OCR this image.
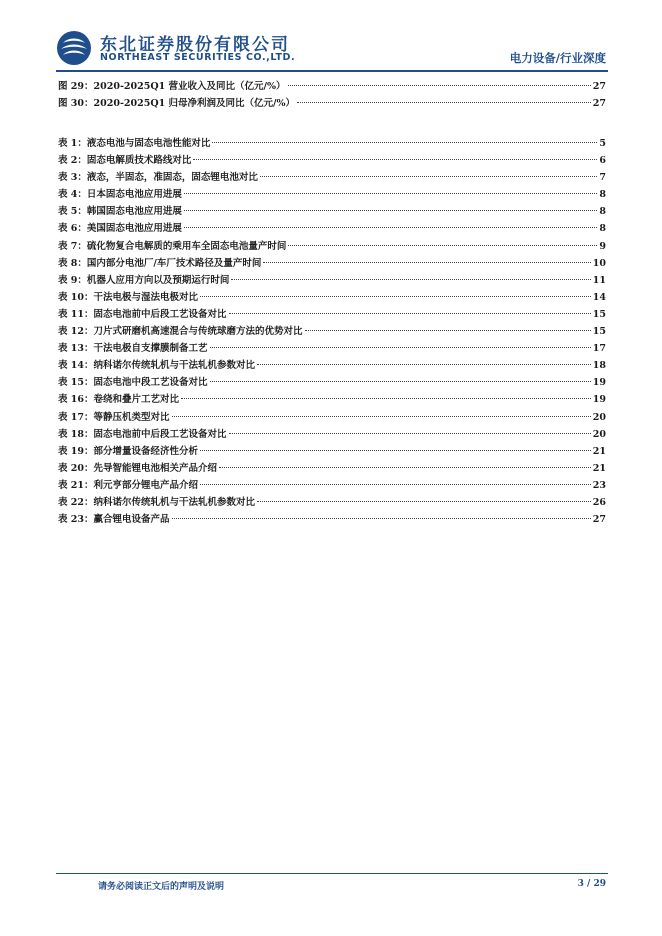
东北证券股份有限公司
NORTHEAST SECURITIES CO.,LTD.	电力设备/行业深度
图 29： 2020-2025Q1 营业收入及同比（亿元/%）	27
图 30： 2020-2025Q1 归母净利润及同比（亿元/%）	27
表 1： 液态电池与固态电池性能对比	5
表 2： 固态电解质技术路线对比	6
表 3： 液态，半固态，准固态，固态锂电池对比	7
表 4： 日本固态电池应用进展	8
表 5： 韩国固态电池应用进展	8
表 6： 美国固态电池应用进展	8
表 7： 硫化物复合电解质的乘用车全固态电池量产时间	9
表 8： 国内部分电池厂/车厂技术路径及量产时间	10
表 9： 机器人应用方向以及预期运行时间	11
表 10： 干法电极与湿法电极对比	14
表 11： 固态电池前中后段工艺设备对比	15
表 12： 刀片式研磨机高速混合与传统球磨方法的优势对比	15
表 13： 干法电极自支撑膜制备工艺	17
表 14： 纳科诺尔传统轧机与干法轧机参数对比	18
表 15： 固态电池中段工艺设备对比	19
表 16： 卷绕和叠片工艺对比	19
表 17： 等静压机类型对比	20
表 18： 固态电池前中后段工艺设备对比	20
表 19： 部分增量设备经济性分析	21
表 20： 先导智能锂电池相关产品介绍	21
表 21： 利元亨部分锂电产品介绍	23
表 22： 纳科诺尔传统轧机与干法轧机参数对比	26
表 23： 赢合锂电设备产品	27
请务必阅读正文后的声明及说明	3 / 29
